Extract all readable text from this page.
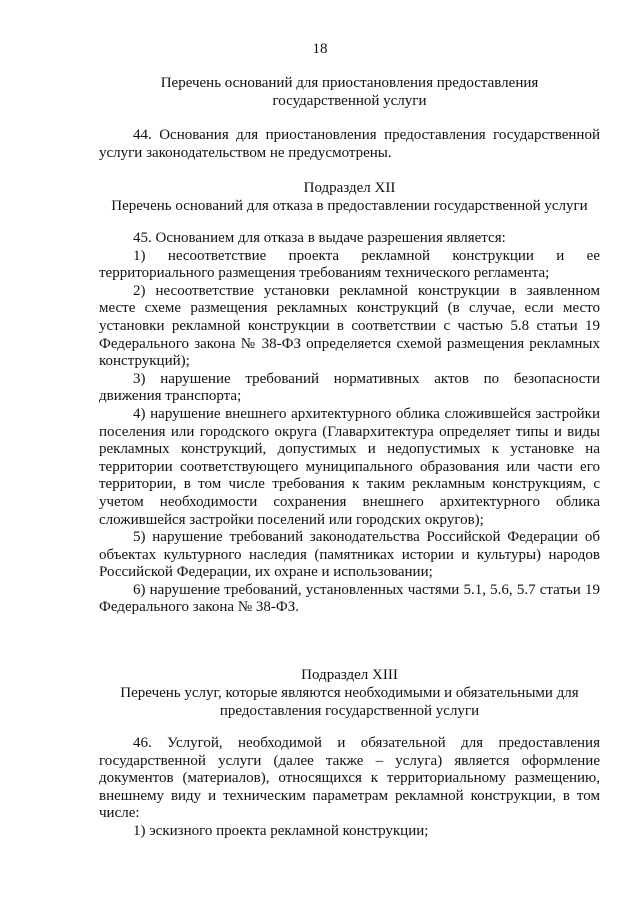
18
Перечень оснований для приостановления предоставления
государственной услуги

44. Основания для приостановления предоставления государственной услуги законодательством не предусмотрены.

Подраздел XII
Перечень оснований для отказа в предоставлении государственной услуги

45. Основанием для отказа в выдаче разрешения является:

1) несоответствие проекта рекламной конструкции и ее территориального размещения требованиям технического регламента;

2) несоответствие установки рекламной конструкции в заявленном месте схеме размещения рекламных конструкций (в случае, если место установки рекламной конструкции в соответствии с частью 5.8 статьи 19 Федерального закона № 38-ФЗ определяется схемой размещения рекламных конструкций);

3) нарушение требований нормативных актов по безопасности движения транспорта;

4) нарушение внешнего архитектурного облика сложившейся застройки поселения или городского округа (Главархитектура определяет типы и виды рекламных конструкций, допустимых и недопустимых к установке на территории соответствующего муниципального образования или части его территории, в том числе требования к таким рекламным конструкциям, с учетом необходимости сохранения внешнего архитектурного облика сложившейся застройки поселений или городских округов);

5) нарушение требований законодательства Российской Федерации об объектах культурного наследия (памятниках истории и культуры) народов Российской Федерации, их охране и использовании;

6) нарушение требований, установленных частями 5.1, 5.6, 5.7 статьи 19 Федерального закона № 38-ФЗ.

Подраздел XIII
Перечень услуг, которые являются необходимыми и обязательными для
предоставления государственной услуги

46. Услугой, необходимой и обязательной для предоставления государственной услуги (далее также – услуга) является оформление документов (материалов), относящихся к территориальному размещению, внешнему виду и техническим параметрам рекламной конструкции, в том числе:

1) эскизного проекта рекламной конструкции;
